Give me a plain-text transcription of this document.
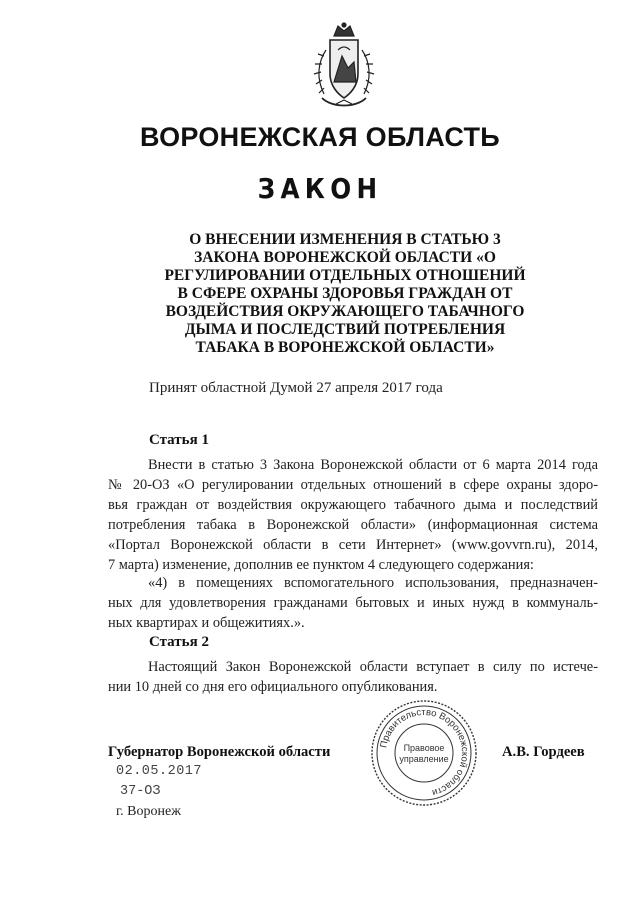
ВОРОНЕЖСКАЯ ОБЛАСТЬ
ЗАКОН
О ВНЕСЕНИИ ИЗМЕНЕНИЯ В СТАТЬЮ 3
ЗАКОНА ВОРОНЕЖСКОЙ ОБЛАСТИ «О
РЕГУЛИРОВАНИИ ОТДЕЛЬНЫХ ОТНОШЕНИЙ
В СФЕРЕ ОХРАНЫ ЗДОРОВЬЯ ГРАЖДАН ОТ
ВОЗДЕЙСТВИЯ ОКРУЖАЮЩЕГО ТАБАЧНОГО
ДЫМА И ПОСЛЕДСТВИЙ ПОТРЕБЛЕНИЯ
ТАБАКА В ВОРОНЕЖСКОЙ ОБЛАСТИ»
Принят областной Думой 27 апреля 2017 года
Статья 1
Внести в статью 3 Закона Воронежской области от 6 марта 2014 года
№ 20-ОЗ «О регулировании отдельных отношений в сфере охраны здоро-
вья граждан от воздействия окружающего табачного дыма и последствий
потребления табака в Воронежской области» (информационная система
«Портал Воронежской области в сети Интернет» (www.govvrn.ru), 2014,
7 марта) изменение, дополнив ее пунктом 4 следующего содержания:
«4) в помещениях вспомогательного использования, предназначен-
ных для удовлетворения гражданами бытовых и иных нужд в коммуналь-
ных квартирах и общежитиях.».
Статья 2
Настоящий Закон Воронежской области вступает в силу по истече-
нии 10 дней со дня его официального опубликования.
Губернатор Воронежской области	А.В. Гордеев
02.05.2017
37-ОЗ
г. Воронеж
Правительство Воронежской области
Правовое
управление
